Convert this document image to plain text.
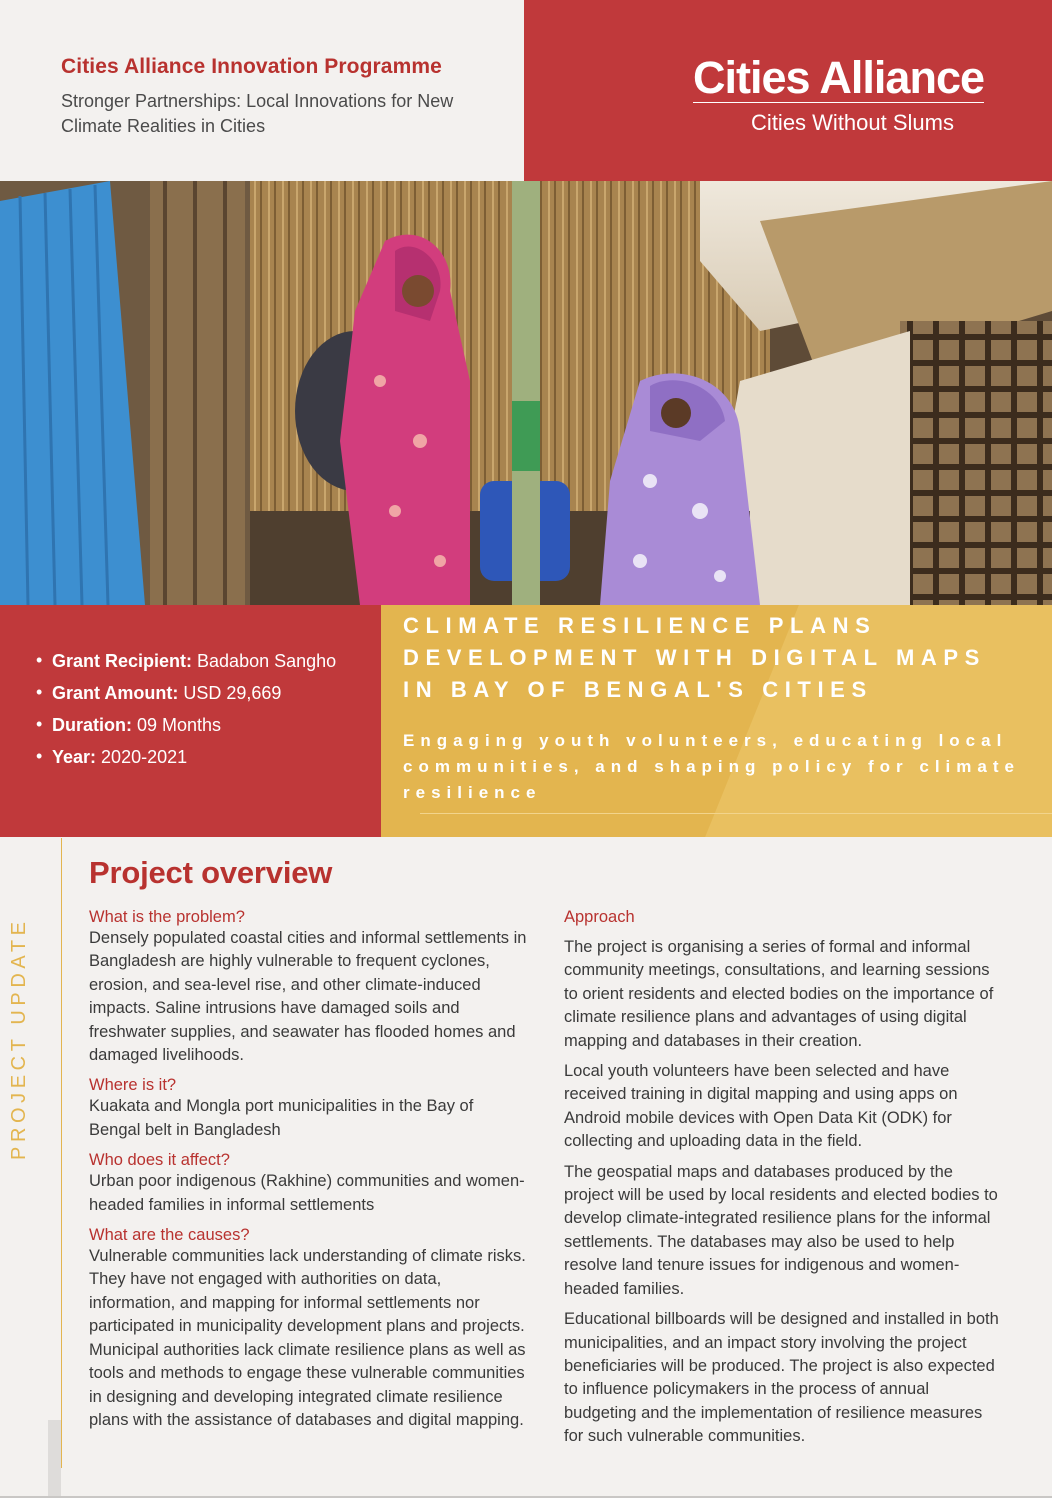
Cities Alliance Innovation Programme
Stronger Partnerships: Local Innovations for New Climate Realities in Cities
Cities Alliance
Cities Without Slums
• Grant Recipient: Badabon Sangho
• Grant Amount: USD 29,669
• Duration: 09 Months
• Year: 2020-2021
CLIMATE RESILIENCE PLANS DEVELOPMENT WITH DIGITAL MAPS IN BAY OF BENGAL'S CITIES
Engaging youth volunteers, educating local communities, and shaping policy for climate resilience
PROJECT UPDATE
Project overview
What is the problem?
Densely populated coastal cities and informal settlements in Bangladesh are highly vulnerable to frequent cyclones, erosion, and sea-level rise, and other climate-induced impacts. Saline intrusions have damaged soils and freshwater supplies, and seawater has flooded homes and damaged livelihoods.
Where is it?
Kuakata and Mongla port municipalities in the Bay of Bengal belt in Bangladesh
Who does it affect?
Urban poor indigenous (Rakhine) communities and women-headed families in informal settlements
What are the causes?
Vulnerable communities lack understanding of climate risks. They have not engaged with authorities on data, information, and mapping for informal settlements nor participated in municipality development plans and projects. Municipal authorities lack climate resilience plans as well as tools and methods to engage these vulnerable communities in designing and developing integrated climate resilience plans with the assistance of databases and digital mapping.
Approach
The project is organising a series of formal and informal community meetings, consultations, and learning sessions to orient residents and elected bodies on the importance of climate resilience plans and advantages of using digital mapping and databases in their creation.
Local youth volunteers have been selected and have received training in digital mapping and using apps on Android mobile devices with Open Data Kit (ODK) for collecting and uploading data in the field.
The geospatial maps and databases produced by the project will be used by local residents and elected bodies to develop climate-integrated resilience plans for the informal settlements. The databases may also be used to help resolve land tenure issues for indigenous and women-headed families.
Educational billboards will be designed and installed in both municipalities, and an impact story involving the project beneficiaries will be produced. The project is also expected to influence policymakers in the process of annual budgeting and the implementation of resilience measures for such vulnerable communities.
